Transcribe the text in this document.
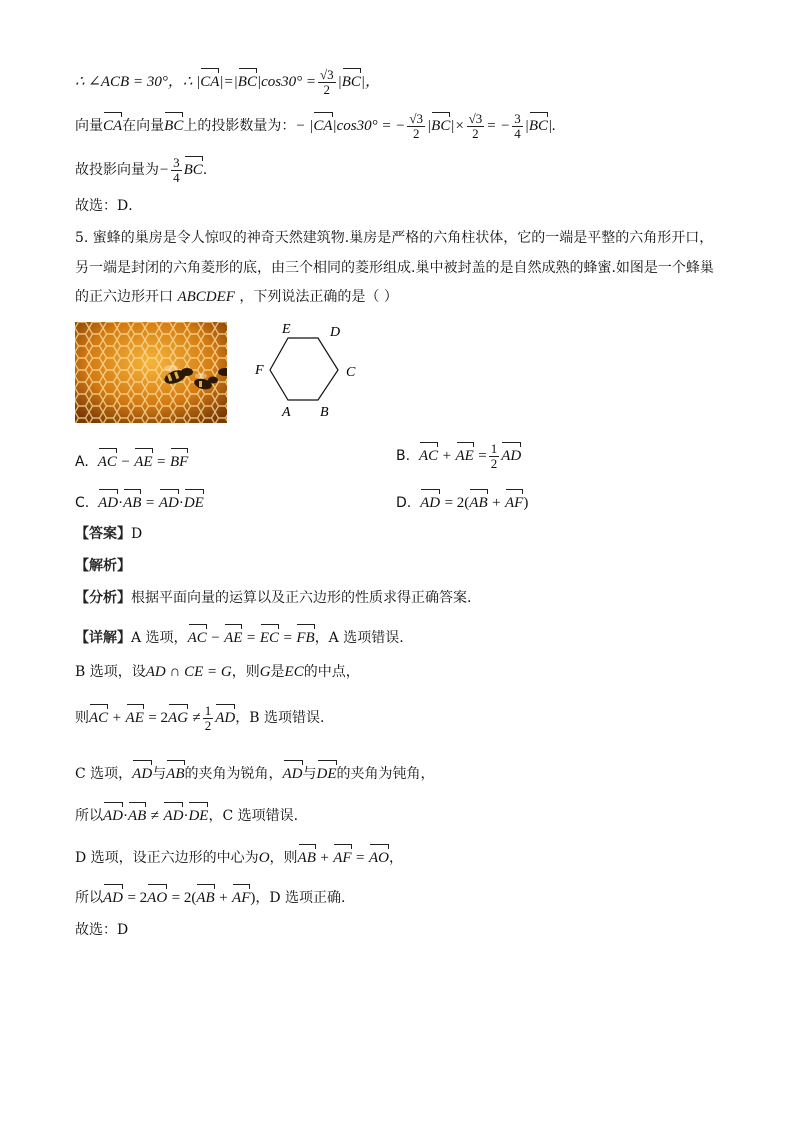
∴ ∠ACB = 30°，∴ $|CA|=|BC|\cos 30^\circ = \frac{√3}{2} |BC|$，
向量CA在向量BC上的投影数量为：− |CA|cos30° = − $\frac{√3}{2} |BC|\times \frac{√3}{2}$ = − $\frac{3}{4} |BC|$.
故投影向量为− $\frac{3}{4}$ BC.
故选：D．
5. 蜜蜂的巢房是令人惊叹的神奇天然建筑物.巢房是严格的六角柱状体，它的一端是平整的六角形开口，
另一端是封闭的六角菱形的底，由三个相同的菱形组成.巢中被封盖的是自然成熟的蜂蜜.如图是一个蜂巢
的正六边形开口 ABCDEF ，下列说法正确的是（ ）
A B
C
D
E
F
A. AC − AE = BF	B. AC + AE = $\frac{1}{2}$ AD
C. AD·AB = AD·DE	D. AD = 2(AB + AF)
【答案】D
【解析】
【分析】根据平面向量的运算以及正六边形的性质求得正确答案.
【详解】A 选项，AC − AE = EC = FB，A 选项错误.
B 选项，设AD ∩ CE = G，则G是EC的中点，
则AC + AE = $2AG \ne \frac{1}{2}$ AD，B 选项错误.
C 选项，AD与AB的夹角为锐角，AD与DE的夹角为钝角，
所以AD·AB ≠ AD·DE，C 选项错误.
D 选项，设正六边形的中心为O，则AB + AF = AO，
所以AD = 2AO = 2(AB + AF)，D 选项正确.
故选：D
